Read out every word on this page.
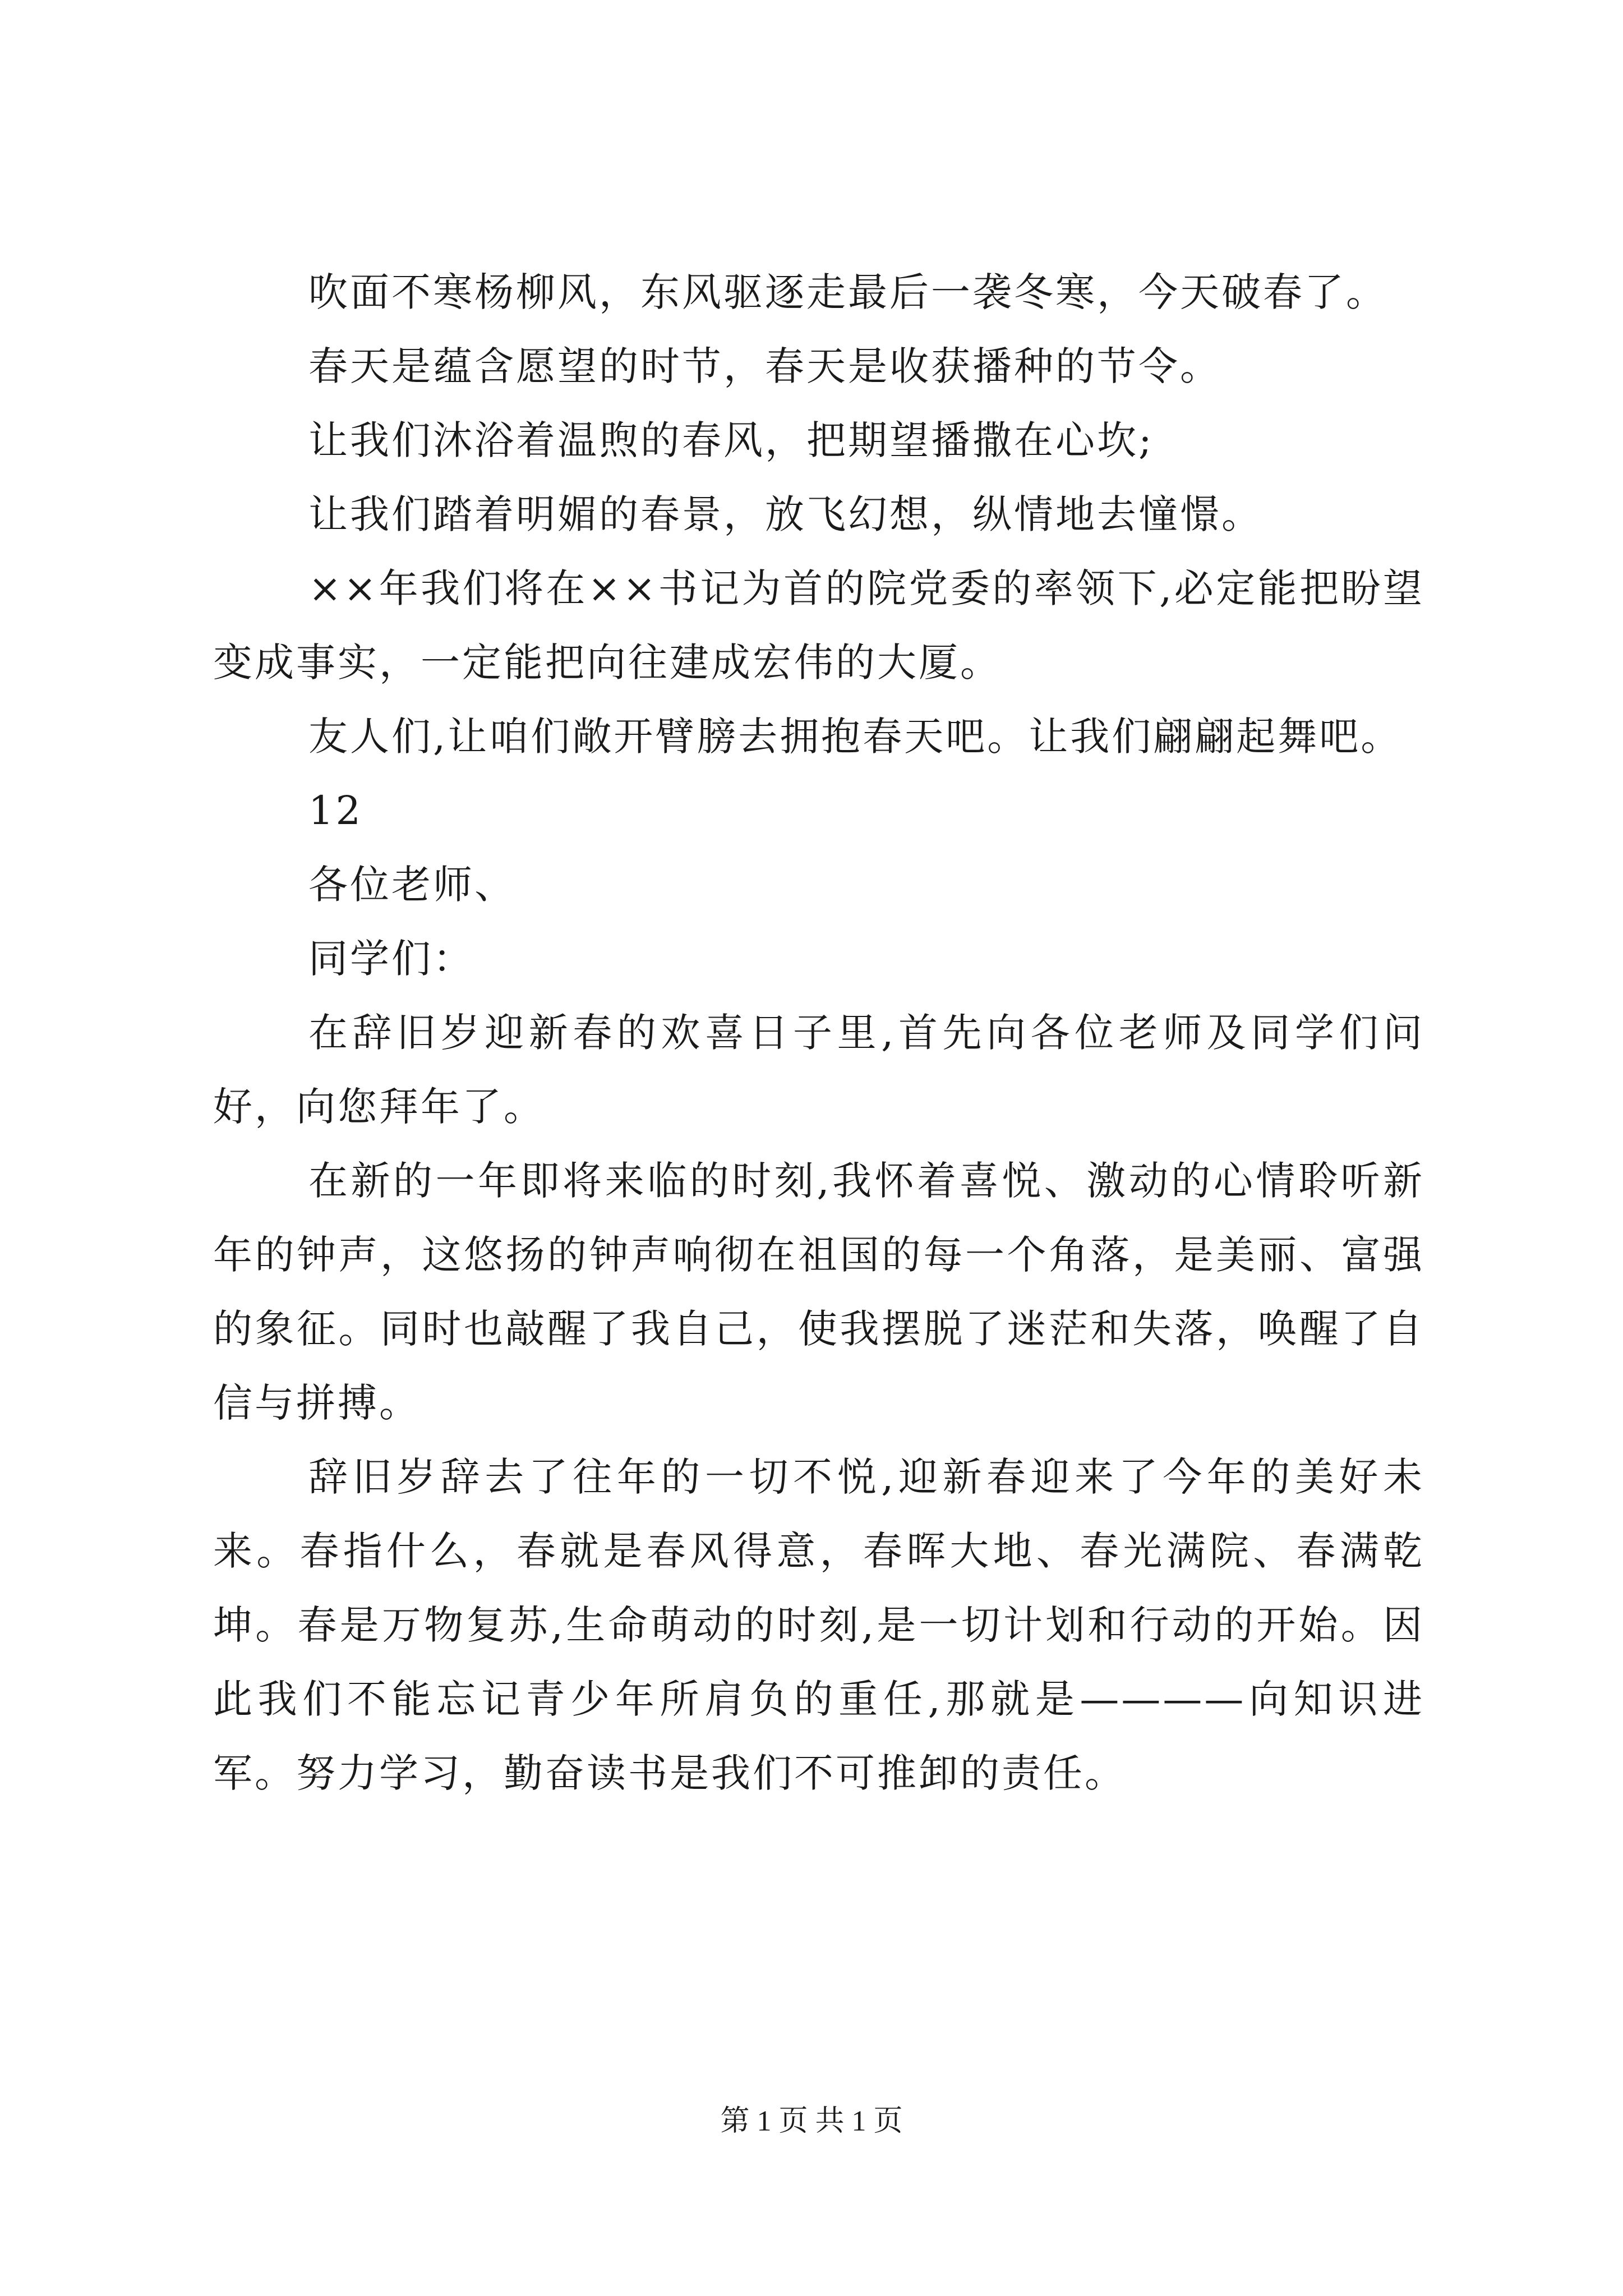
吹面不寒杨柳风，东风驱逐走最后一袭冬寒，今天破春了。

春天是蕴含愿望的时节，春天是收获播种的节令。

让我们沐浴着温煦的春风，把期望播撒在心坎;

让我们踏着明媚的春景，放飞幻想，纵情地去憧憬。

××年我们将在××书记为首的院党委的率领下,必定能把盼望变成事实，一定能把向往建成宏伟的大厦。

友人们,让咱们敞开臂膀去拥抱春天吧。让我们翩翩起舞吧。

12

各位老师、

同学们：

在辞旧岁迎新春的欢喜日子里,首先向各位老师及同学们问好，向您拜年了。

在新的一年即将来临的时刻,我怀着喜悦、激动的心情聆听新年的钟声，这悠扬的钟声响彻在祖国的每一个角落，是美丽、富强的象征。同时也敲醒了我自己，使我摆脱了迷茫和失落，唤醒了自信与拼搏。

辞旧岁辞去了往年的一切不悦,迎新春迎来了今年的美好未来。春指什么，春就是春风得意，春晖大地、春光满院、春满乾坤。春是万物复苏,生命萌动的时刻,是一切计划和行动的开始。因此我们不能忘记青少年所肩负的重任,那就是————向知识进军。努力学习，勤奋读书是我们不可推卸的责任。

第 1 页 共 1 页
